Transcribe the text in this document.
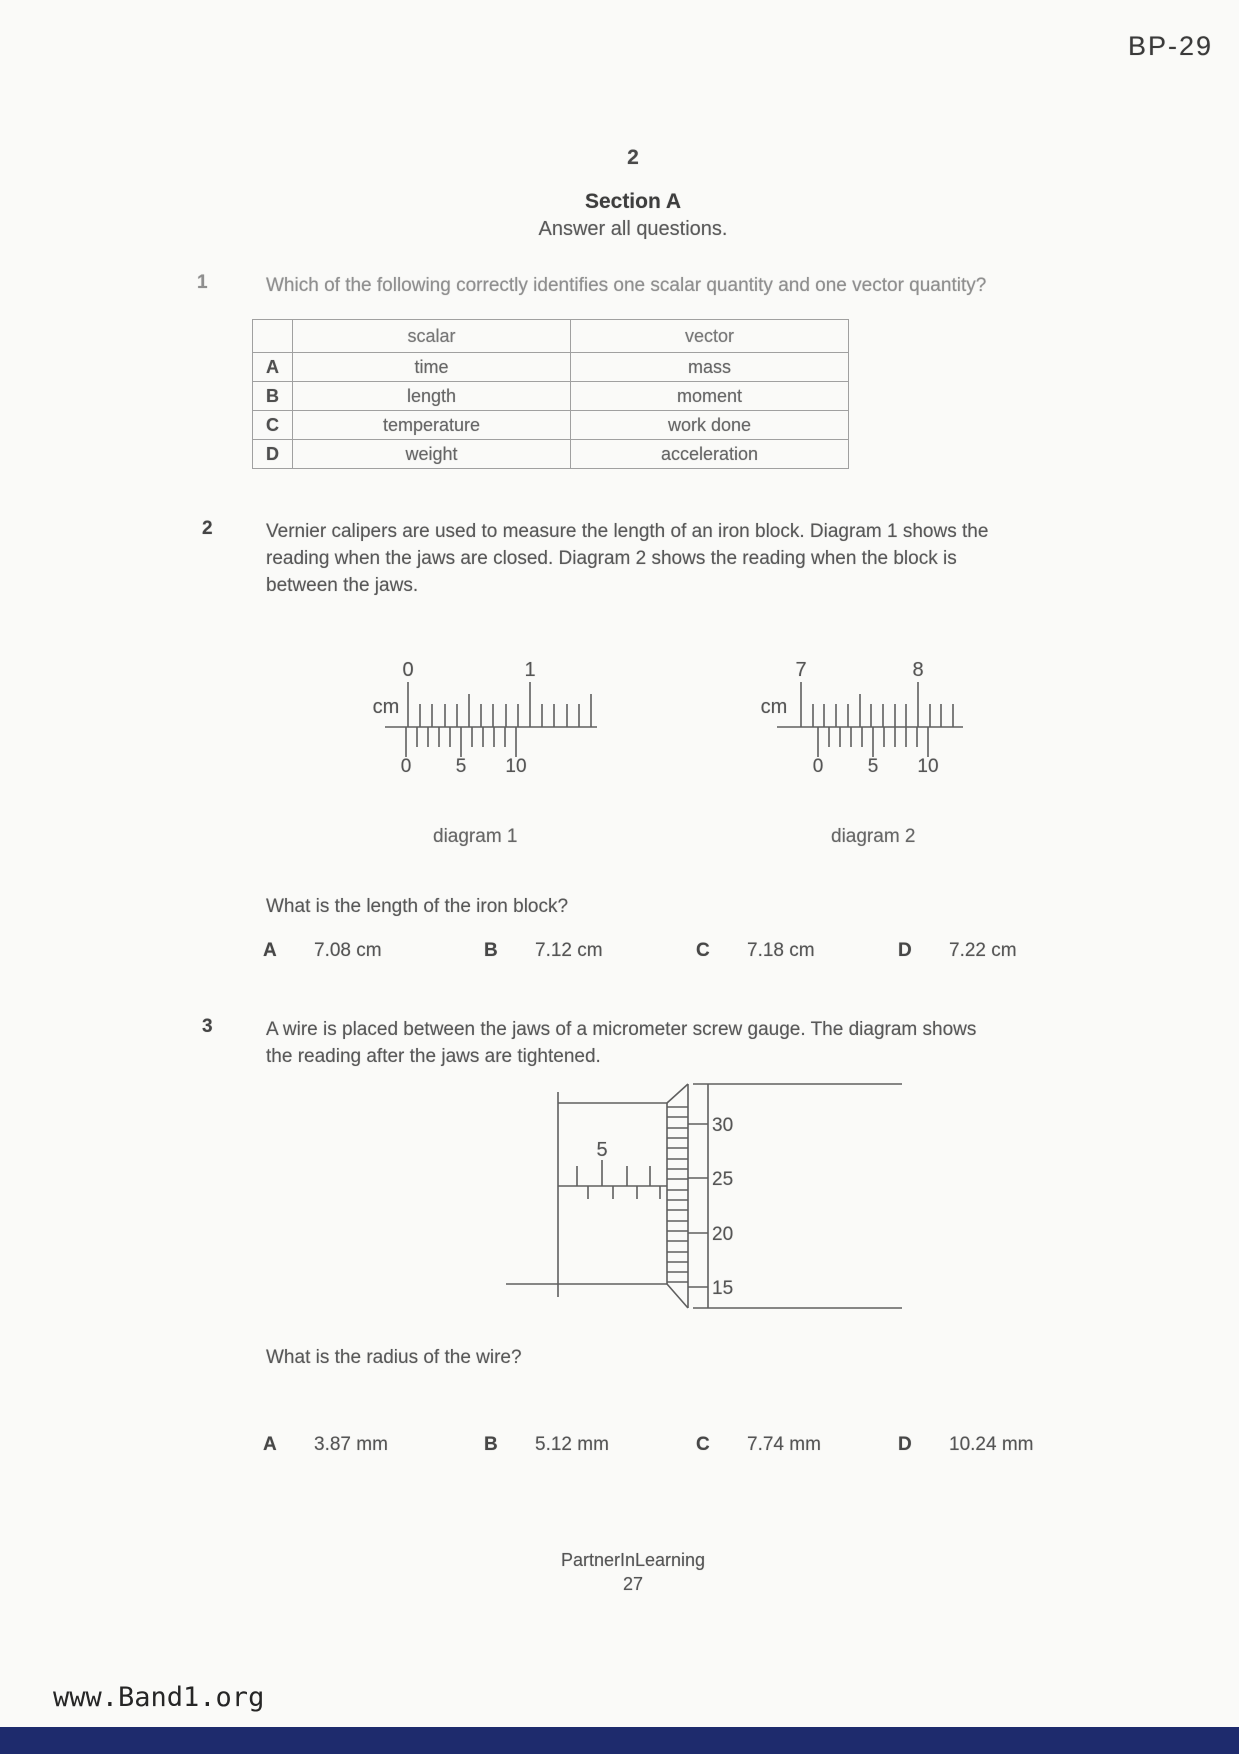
BP-29
2
Section A
Answer all questions.
1	Which of the following correctly identifies one scalar quantity and one vector quantity?
	scalar	vector
A	time	mass
B	length	moment
C	temperature	work done
D	weight	acceleration
2	Vernier calipers are used to measure the length of an iron block. Diagram 1 shows the
reading when the jaws are closed. Diagram 2 shows the reading when the block is
between the jaws.
0	1
cm
0 5 10
7	8
cm
0 5 10
diagram 1	diagram 2
What is the length of the iron block?
A 7.08 cm	B 7.12 cm	C 7.18 cm	D 7.22 cm
3	A wire is placed between the jaws of a micrometer screw gauge. The diagram shows
the reading after the jaws are tightened.
5
30
25
20
15
What is the radius of the wire?
A 3.87 mm	B 5.12 mm	C 7.74 mm	D 10.24 mm
PartnerInLearning
27
www.Band1.org
